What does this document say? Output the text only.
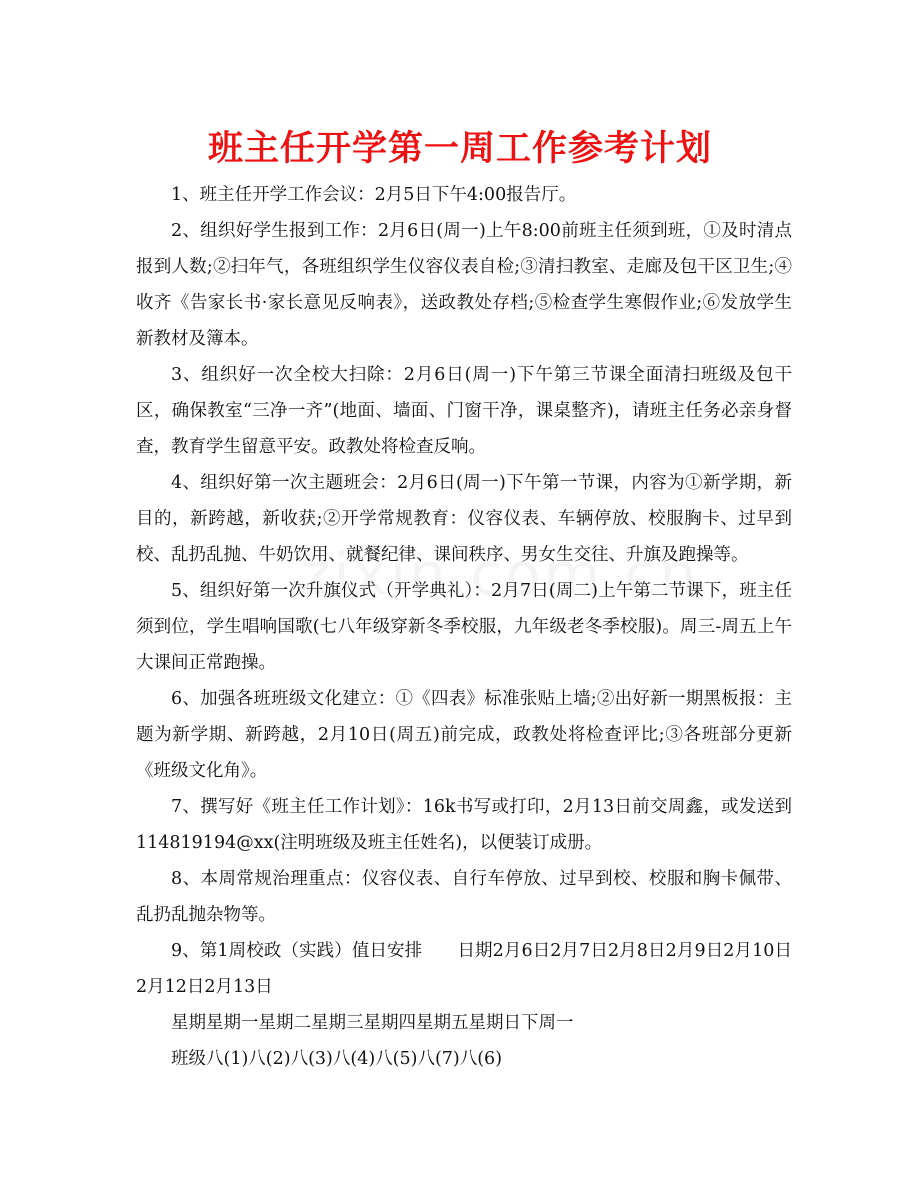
班主任开学第一周工作参考计划

1、班主任开学工作会议：2月5日下午4:00报告厅。

2、组织好学生报到工作：2月6日(周一)上午8:00前班主任须到班，①及时清点报到人数;②扫年气，各班组织学生仪容仪表自检;③清扫教室、走廊及包干区卫生;④收齐《告家长书·家长意见反响表》，送政教处存档;⑤检查学生寒假作业;⑥发放学生新教材及簿本。

3、组织好一次全校大扫除：2月6日(周一)下午第三节课全面清扫班级及包干区，确保教室“三净一齐”(地面、墙面、门窗干净，课桌整齐)，请班主任务必亲身督查，教育学生留意平安。政教处将检查反响。

4、组织好第一次主题班会：2月6日(周一)下午第一节课，内容为①新学期，新目的，新跨越，新收获;②开学常规教育：仪容仪表、车辆停放、校服胸卡、过早到校、乱扔乱抛、牛奶饮用、就餐纪律、课间秩序、男女生交往、升旗及跑操等。

5、组织好第一次升旗仪式（开学典礼）：2月7日(周二)上午第二节课下，班主任须到位，学生唱响国歌(七八年级穿新冬季校服，九年级老冬季校服)。周三-周五上午大课间正常跑操。

6、加强各班班级文化建立：①《四表》标准张贴上墙;②出好新一期黑板报：主题为新学期、新跨越，2月10日(周五)前完成，政教处将检查评比;③各班部分更新《班级文化角》。

7、撰写好《班主任工作计划》：16k书写或打印，2月13日前交周鑫，或发送到114819194@xx(注明班级及班主任姓名)，以便装订成册。

8、本周常规治理重点：仪容仪表、自行车停放、过早到校、校服和胸卡佩带、乱扔乱抛杂物等。

9、第1周校政（实践）值日安排　　日期2月6日2月7日2月8日2月9日2月10日2月12日2月13日

星期星期一星期二星期三星期四星期五星期日下周一

班级八(1)八(2)八(3)八(4)八(5)八(7)八(6)
